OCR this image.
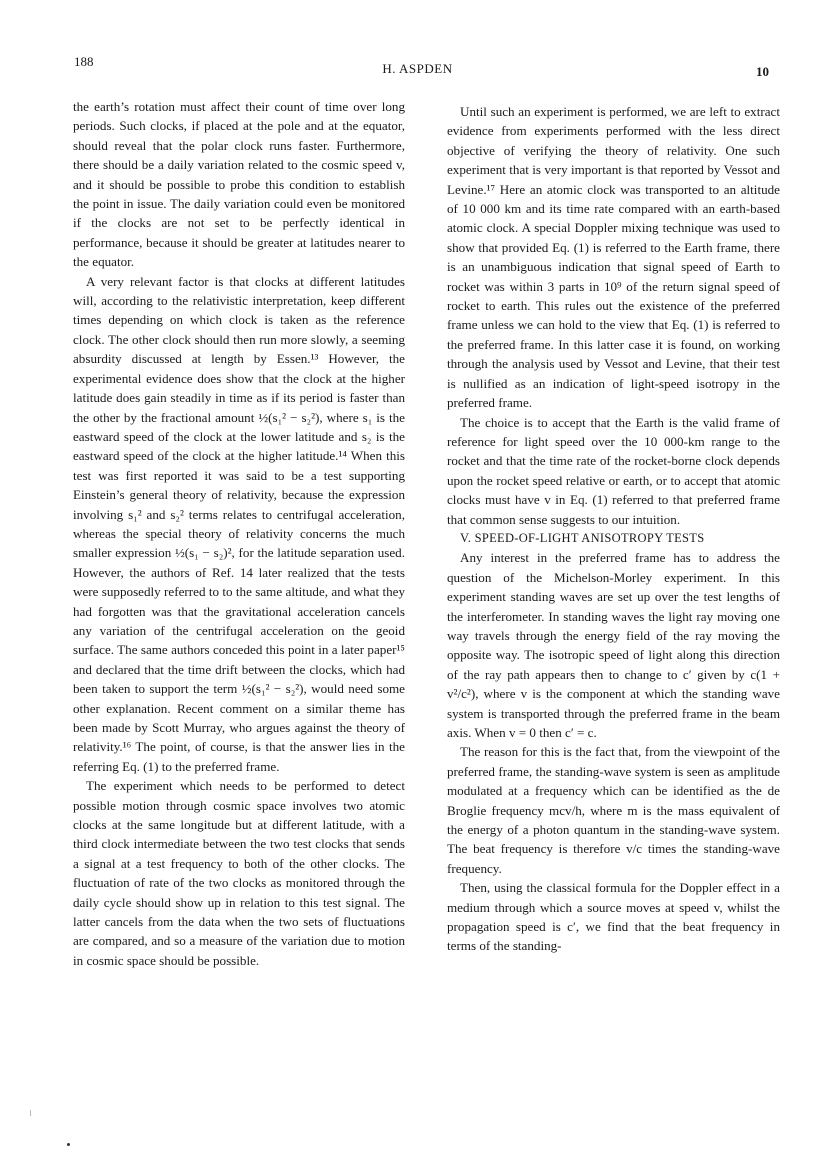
188	H. ASPDEN	10

the earth’s rotation must affect their count of time over long periods. Such clocks, if placed at the pole and at the equator, should reveal that the polar clock runs faster. Furthermore, there should be a daily variation related to the cosmic speed v, and it should be possible to probe this condition to establish the point in issue. The daily variation could even be monitored if the clocks are not set to be perfectly identical in performance, because it should be greater at latitudes nearer to the equator.

A very relevant factor is that clocks at different latitudes will, according to the relativistic interpretation, keep different times depending on which clock is taken as the reference clock. The other clock should then run more slowly, a seeming absurdity discussed at length by Essen.¹³ However, the experimental evidence does show that the clock at the higher latitude does gain steadily in time as if its period is faster than the other by the fractional amount ½(s₁² − s₂²), where s₁ is the eastward speed of the clock at the lower latitude and s₂ is the eastward speed of the clock at the higher latitude.¹⁴ When this test was first reported it was said to be a test supporting Einstein’s general theory of relativity, because the expression involving s₁² and s₂² terms relates to centrifugal acceleration, whereas the special theory of relativity concerns the much smaller expression ½(s₁ − s₂)², for the latitude separation used. However, the authors of Ref. 14 later realized that the tests were supposedly referred to to the same altitude, and what they had forgotten was that the gravitational acceleration cancels any variation of the centrifugal acceleration on the geoid surface. The same authors conceded this point in a later paper¹⁵ and declared that the time drift between the clocks, which had been taken to support the term ½(s₁² − s₂²), would need some other explanation. Recent comment on a similar theme has been made by Scott Murray, who argues against the theory of relativity.¹⁶ The point, of course, is that the answer lies in the referring Eq. (1) to the preferred frame.

The experiment which needs to be performed to detect possible motion through cosmic space involves two atomic clocks at the same longitude but at different latitude, with a third clock intermediate between the two test clocks that sends a signal at a test frequency to both of the other clocks. The fluctuation of rate of the two clocks as monitored through the daily cycle should show up in relation to this test signal. The latter cancels from the data when the two sets of fluctuations are compared, and so a measure of the variation due to motion in cosmic space should be possible.

Until such an experiment is performed, we are left to extract evidence from experiments performed with the less direct objective of verifying the theory of relativity. One such experiment that is very important is that reported by Vessot and Levine.¹⁷ Here an atomic clock was transported to an altitude of 10 000 km and its time rate compared with an earth-based atomic clock. A special Doppler mixing technique was used to show that provided Eq. (1) is referred to the Earth frame, there is an unambiguous indication that signal speed of Earth to rocket was within 3 parts in 10⁹ of the return signal speed of rocket to earth. This rules out the existence of the preferred frame unless we can hold to the view that Eq. (1) is referred to the preferred frame. In this latter case it is found, on working through the analysis used by Vessot and Levine, that their test is nullified as an indication of light-speed isotropy in the preferred frame.

The choice is to accept that the Earth is the valid frame of reference for light speed over the 10 000-km range to the rocket and that the time rate of the rocket-borne clock depends upon the rocket speed relative or earth, or to accept that atomic clocks must have v in Eq. (1) referred to that preferred frame that common sense suggests to our intuition.

V. SPEED-OF-LIGHT ANISOTROPY TESTS

Any interest in the preferred frame has to address the question of the Michelson-Morley experiment. In this experiment standing waves are set up over the test lengths of the interferometer. In standing waves the light ray moving one way travels through the energy field of the ray moving the opposite way. The isotropic speed of light along this direction of the ray path appears then to change to c′ given by c(1 + v²/c²), where v is the component at which the standing wave system is transported through the preferred frame in the beam axis. When v = 0 then c′ = c.

The reason for this is the fact that, from the viewpoint of the preferred frame, the standing-wave system is seen as amplitude modulated at a frequency which can be identified as the de Broglie frequency mcv/h, where m is the mass equivalent of the energy of a photon quantum in the standing-wave system. The beat frequency is therefore v/c times the standing-wave frequency.

Then, using the classical formula for the Doppler effect in a medium through which a source moves at speed v, whilst the propagation speed is c′, we find that the beat frequency in terms of the standing-
